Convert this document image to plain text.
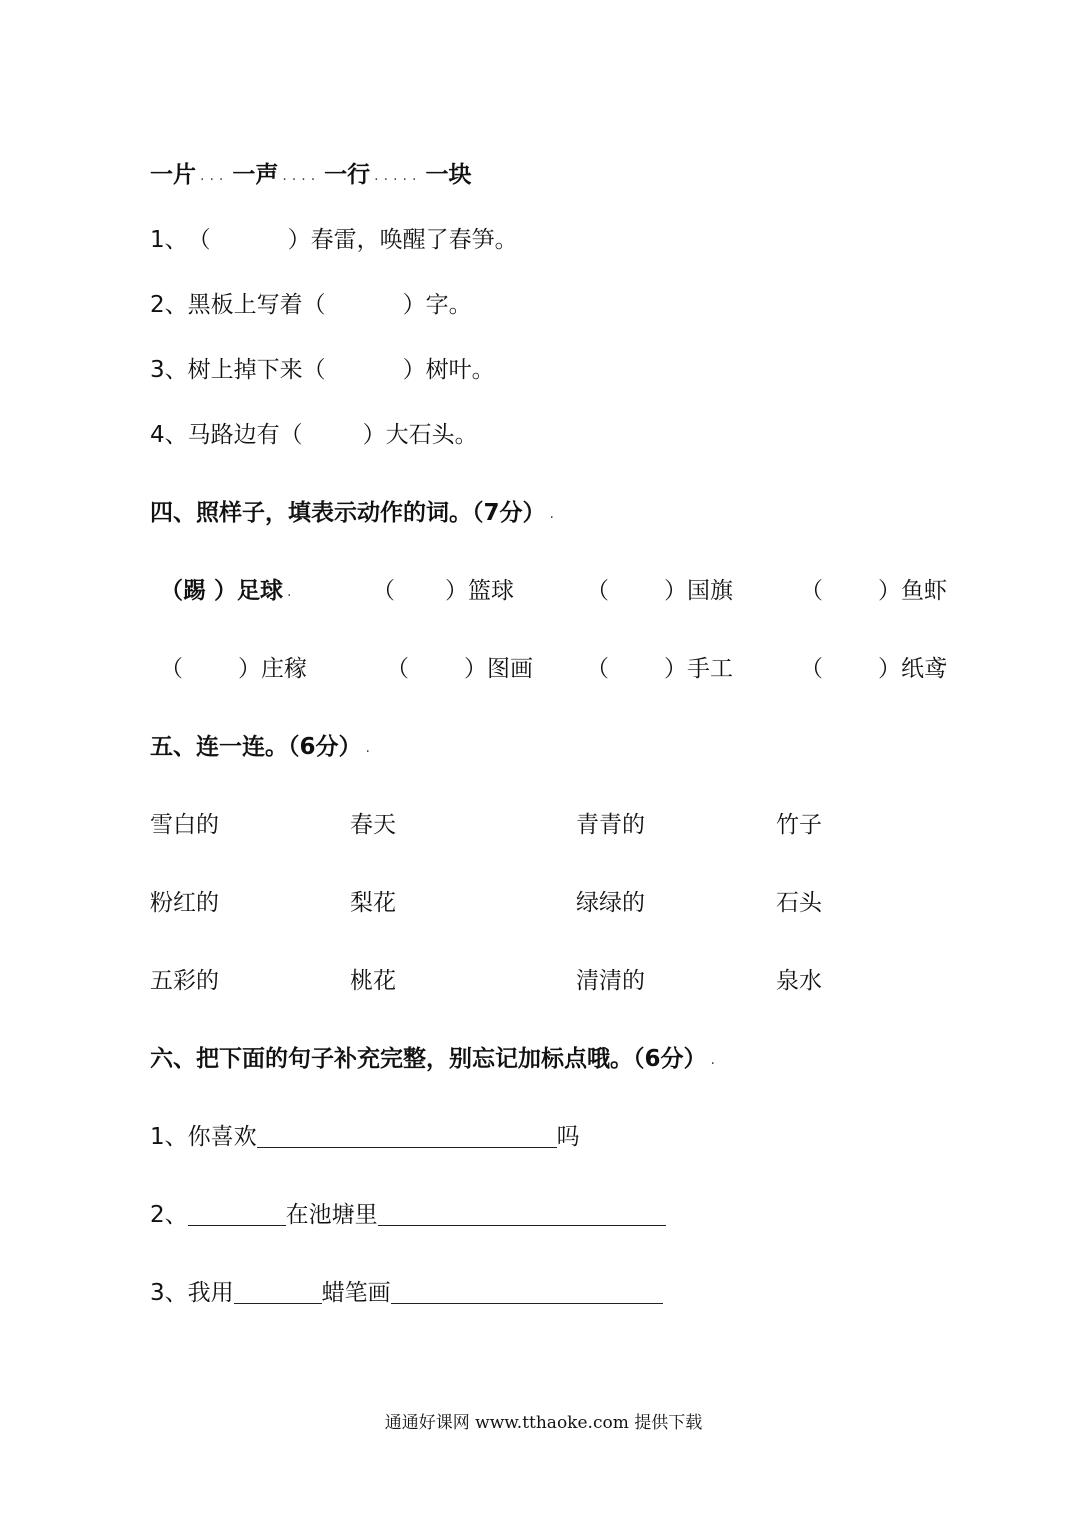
一片 ... 一声 .... 一行 ..... 一块
1、（	）春雷，唤醒了春笋。
2、黑板上写着（	）字。
3、树上掉下来（	）树叶。
4、马路边有（	）大石头。
四、照样子，填表示动作的词。（7分） .
（踢 ）足球 .	（ ）篮球	（ ）国旗	（ ）鱼虾
（ ）庄稼	（ ）图画 （ ）手工	（ ）纸鸢
五、连一连。（6分） .
雪白的	春天	青青的	竹子
粉红的	梨花	绿绿的	石头
五彩的	桃花	清清的	泉水
六、把下面的句子补充完整，别忘记加标点哦。（6分） .
1、你喜欢	吗
2、	在池塘里
3、我用	蜡笔画
通通好课网 www.tthaoke.com 提供下载
